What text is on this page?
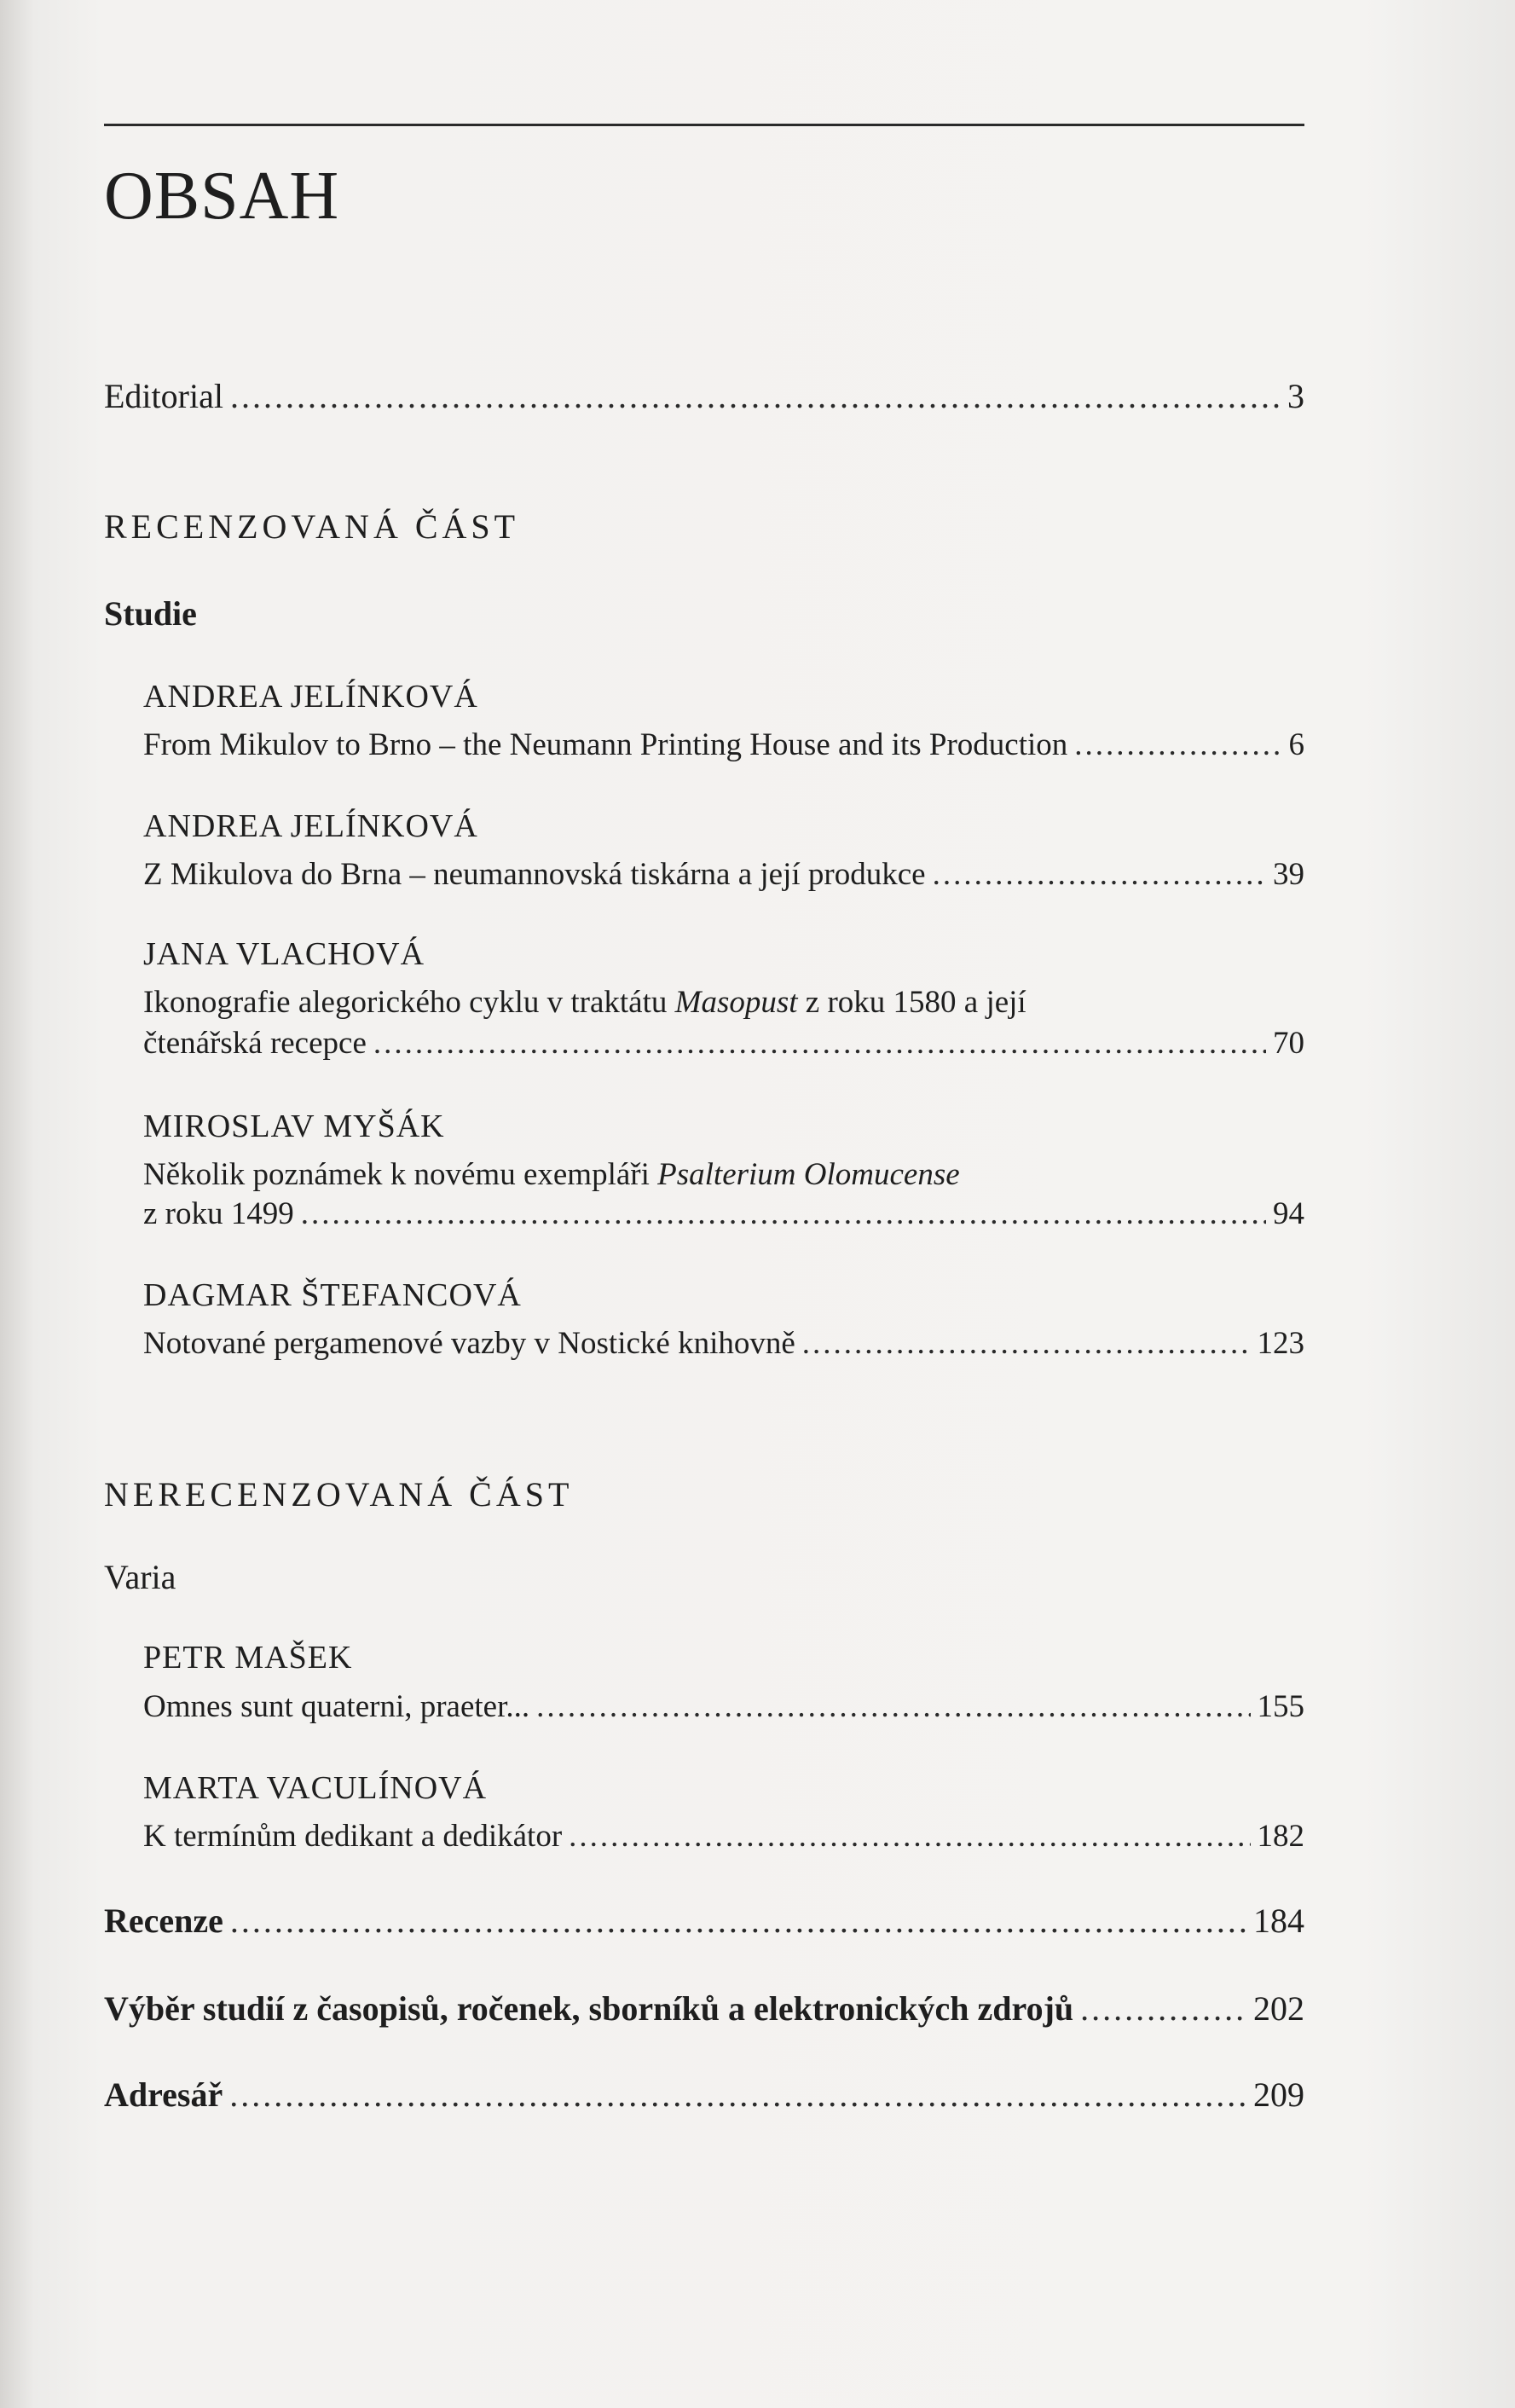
OBSAH
Editorial .....	3
RECENZOVANÁ ČÁST
Studie
ANDREA JELÍNKOVÁ
From Mikulov to Brno – the Neumann Printing House and its Production .....	6
ANDREA JELÍNKOVÁ
Z Mikulova do Brna – neumannovská tiskárna a její produkce .....	39
JANA VLACHOVÁ
Ikonografie alegorického cyklu v traktátu Masopust z roku 1580 a její
čtenářská recepce .....	70
MIROSLAV MYŠÁK
Několik poznámek k novému exempláři Psalterium Olomucense
z roku 1499 .....	94
DAGMAR ŠTEFANCOVÁ
Notované pergamenové vazby v Nostické knihovně .....	123
NERECENZOVANÁ ČÁST
Varia
PETR MAŠEK
Omnes sunt quaterni, praeter... .....	155
MARTA VACULÍNOVÁ
K termínům dedikant a dedikátor .....	182
Recenze .....	184
Výběr studií z časopisů, ročenek, sborníků a elektronických zdrojů .....	202
Adresář .....	209
